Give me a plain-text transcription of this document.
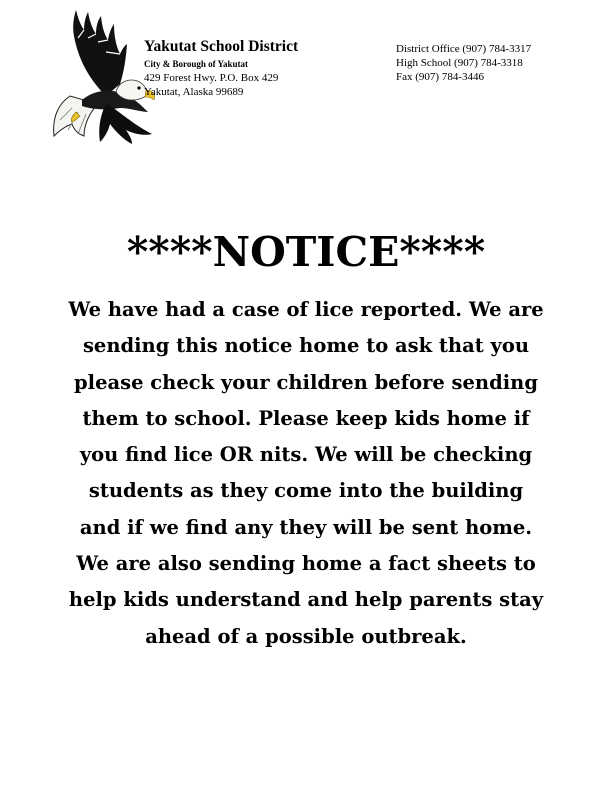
Yakutat School District
City & Borough of Yakutat
429 Forest Hwy. P.O. Box 429
Yakutat, Alaska 99689
District Office (907) 784-3317
High School (907) 784-3318
Fax (907) 784-3446
****NOTICE****
We have had a case of lice reported. We are
sending this notice home to ask that you
please check your children before sending
them to school. Please keep kids home if
you find lice OR nits. We will be checking
students as they come into the building
and if we find any they will be sent home.
We are also sending home a fact sheets to
help kids understand and help parents stay
ahead of a possible outbreak.
